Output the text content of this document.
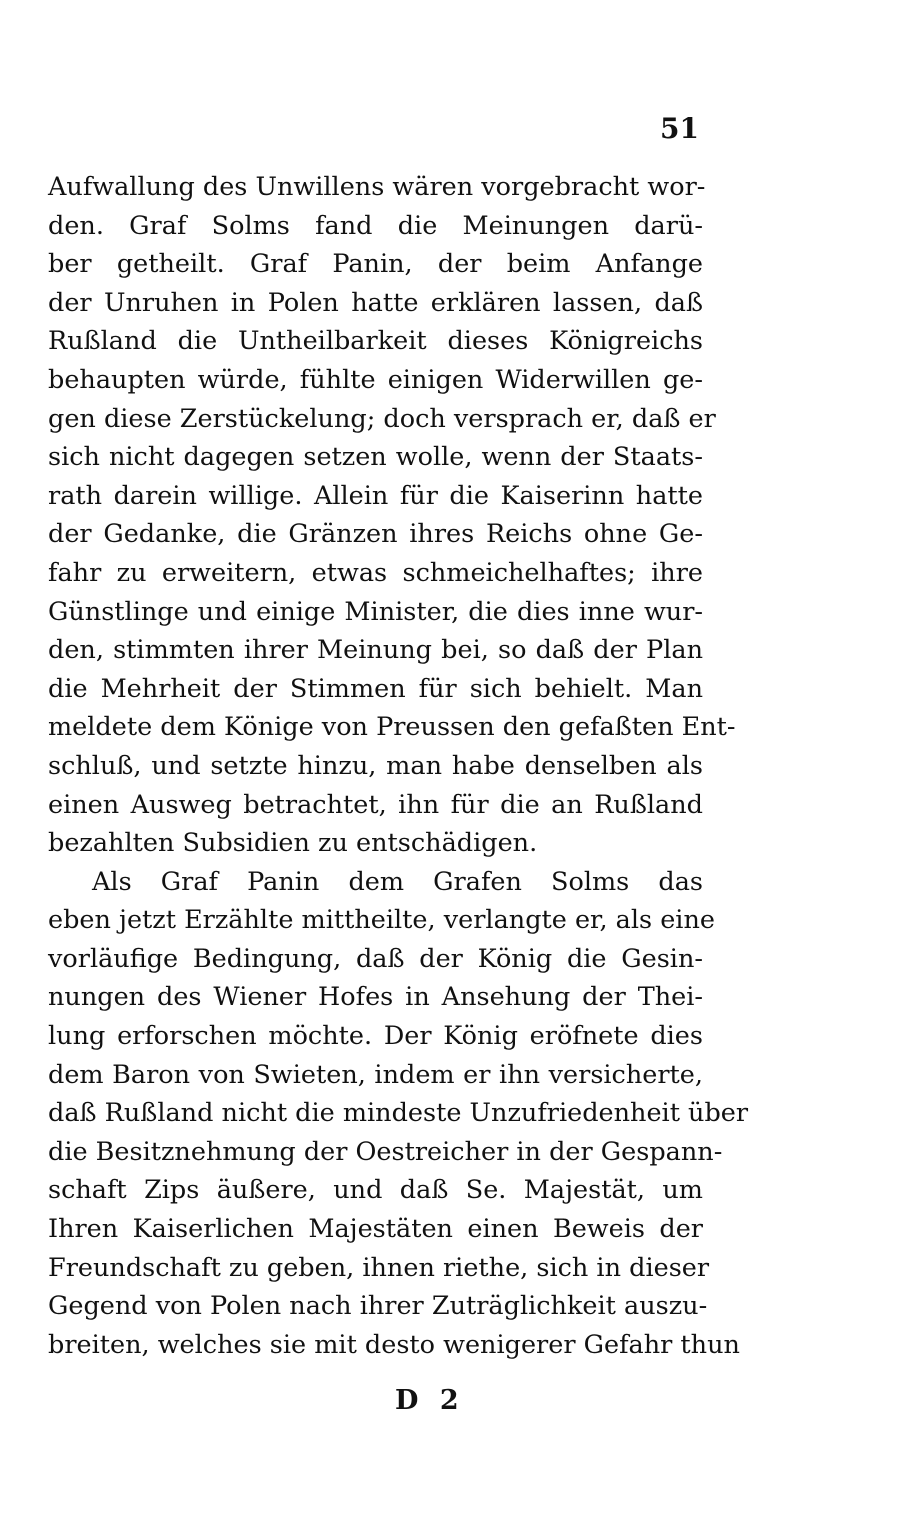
51
Aufwallung des Unwillens wären vorgebracht wor-
den. Graf Solms fand die Meinungen darü-
ber getheilt. Graf Panin, der beim Anfange
der Unruhen in Polen hatte erklären lassen, daß
Rußland die Untheilbarkeit dieses Königreichs
behaupten würde, fühlte einigen Widerwillen ge-
gen diese Zerstückelung; doch versprach er, daß er
sich nicht dagegen setzen wolle, wenn der Staats-
rath darein willige. Allein für die Kaiserinn hatte
der Gedanke, die Gränzen ihres Reichs ohne Ge-
fahr zu erweitern, etwas schmeichelhaftes; ihre
Günstlinge und einige Minister, die dies inne wur-
den, stimmten ihrer Meinung bei, so daß der Plan
die Mehrheit der Stimmen für sich behielt. Man
meldete dem Könige von Preussen den gefaßten Ent-
schluß, und setzte hinzu, man habe denselben als
einen Ausweg betrachtet, ihn für die an Rußland
bezahlten Subsidien zu entschädigen.
Als Graf Panin dem Grafen Solms das
eben jetzt Erzählte mittheilte, verlangte er, als eine
vorläufige Bedingung, daß der König die Gesin-
nungen des Wiener Hofes in Ansehung der Thei-
lung erforschen möchte. Der König eröfnete dies
dem Baron von Swieten, indem er ihn versicherte,
daß Rußland nicht die mindeste Unzufriedenheit über
die Besitznehmung der Oestreicher in der Gespann-
schaft Zips äußere, und daß Se. Majestät, um
Ihren Kaiserlichen Majestäten einen Beweis der
Freundschaft zu geben, ihnen riethe, sich in dieser
Gegend von Polen nach ihrer Zuträglichkeit auszu-
breiten, welches sie mit desto wenigerer Gefahr thun
D 2
